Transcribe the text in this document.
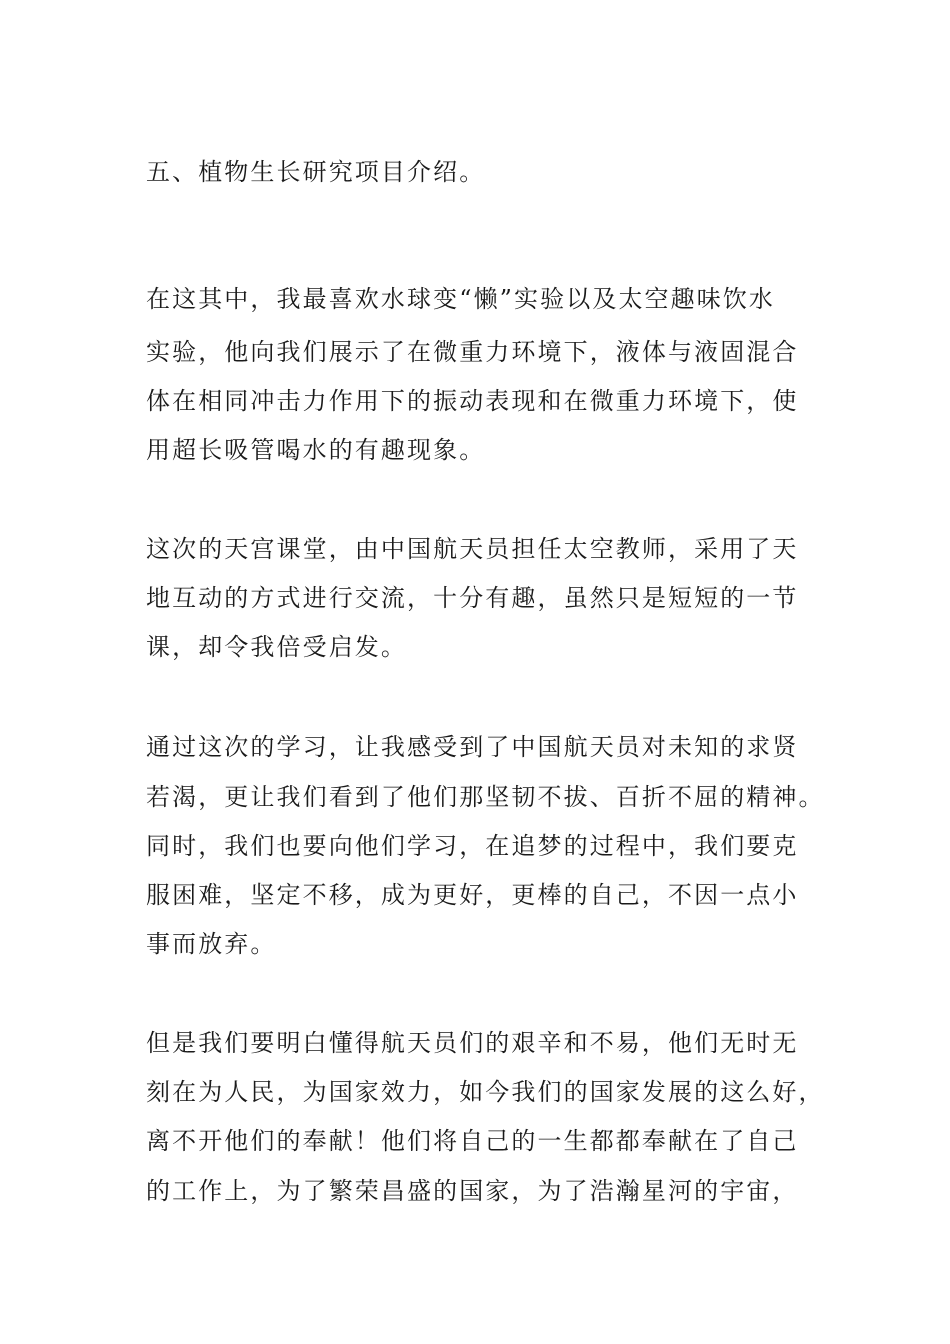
五、植物生长研究项目介绍。
在这其中，我最喜欢水球变“懒”实验以及太空趣味饮水
实验，他向我们展示了在微重力环境下，液体与液固混合
体在相同冲击力作用下的振动表现和在微重力环境下，使
用超长吸管喝水的有趣现象。
这次的天宫课堂，由中国航天员担任太空教师，采用了天
地互动的方式进行交流，十分有趣，虽然只是短短的一节
课，却令我倍受启发。
通过这次的学习，让我感受到了中国航天员对未知的求贤
若渴，更让我们看到了他们那坚韧不拔、百折不屈的精神。
同时，我们也要向他们学习，在追梦的过程中，我们要克
服困难，坚定不移，成为更好，更棒的自己，不因一点小
事而放弃。
但是我们要明白懂得航天员们的艰辛和不易，他们无时无
刻在为人民，为国家效力，如今我们的国家发展的这么好，
离不开他们的奉献！他们将自己的一生都都奉献在了自己
的工作上，为了繁荣昌盛的国家，为了浩瀚星河的宇宙，
